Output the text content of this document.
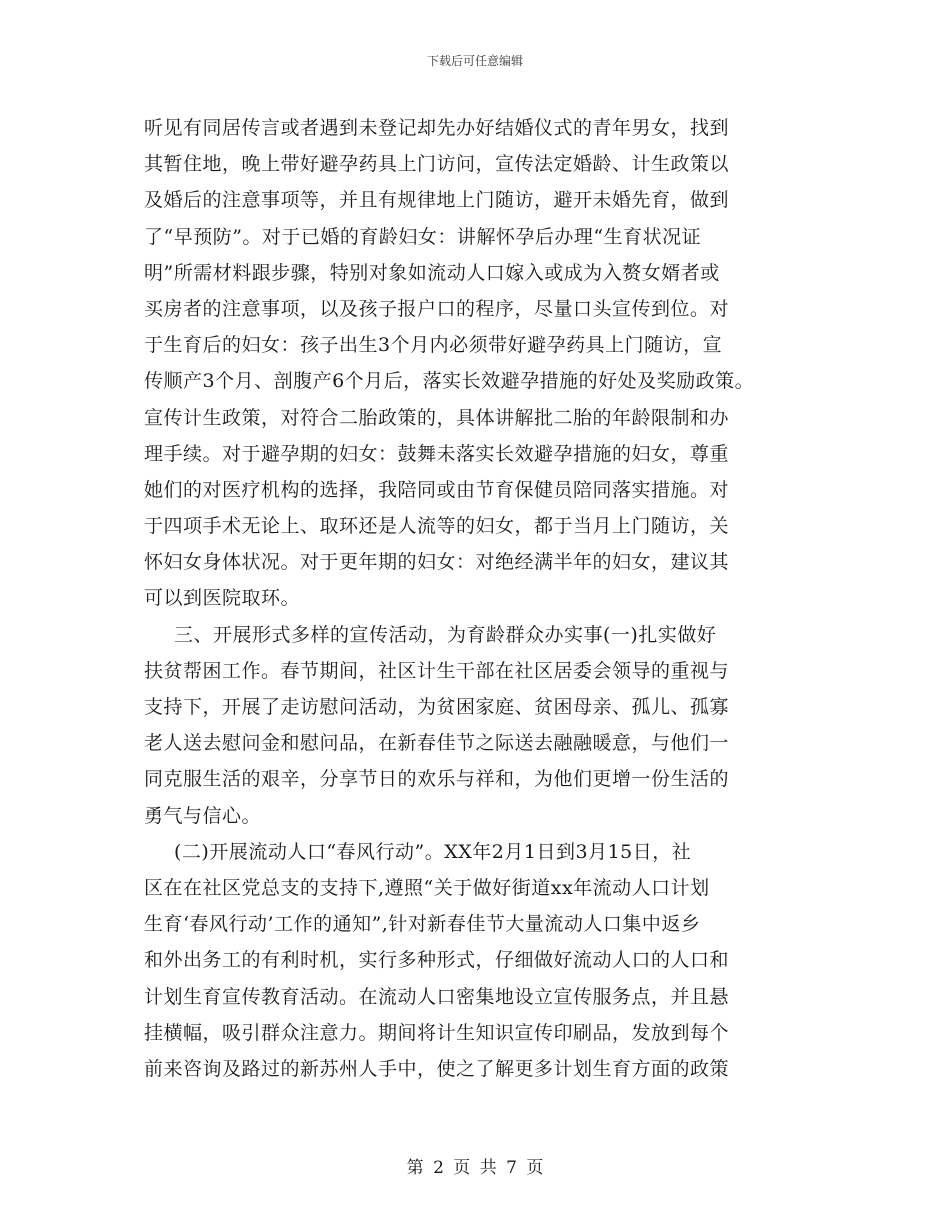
下载后可任意编辑
听见有同居传言或者遇到未登记却先办好结婚仪式的青年男女，找到
其暂住地，晚上带好避孕药具上门访问，宣传法定婚龄、计生政策以
及婚后的注意事项等，并且有规律地上门随访，避开未婚先育，做到
了“早预防”。对于已婚的育龄妇女：讲解怀孕后办理“生育状况证
明”所需材料跟步骤，特别对象如流动人口嫁入或成为入赘女婿者或
买房者的注意事项，以及孩子报户口的程序，尽量口头宣传到位。对
于生育后的妇女：孩子出生3个月内必须带好避孕药具上门随访，宣
传顺产3个月、剖腹产6个月后，落实长效避孕措施的好处及奖励政策。
宣传计生政策，对符合二胎政策的，具体讲解批二胎的年龄限制和办
理手续。对于避孕期的妇女：鼓舞未落实长效避孕措施的妇女，尊重
她们的对医疗机构的选择，我陪同或由节育保健员陪同落实措施。对
于四项手术无论上、取环还是人流等的妇女，都于当月上门随访，关
怀妇女身体状况。对于更年期的妇女：对绝经满半年的妇女，建议其
可以到医院取环。
三、开展形式多样的宣传活动，为育龄群众办实事(一)扎实做好
扶贫帮困工作。春节期间，社区计生干部在社区居委会领导的重视与
支持下，开展了走访慰问活动，为贫困家庭、贫困母亲、孤儿、孤寡
老人送去慰问金和慰问品，在新春佳节之际送去融融暖意，与他们一
同克服生活的艰辛，分享节日的欢乐与祥和，为他们更增一份生活的
勇气与信心。
(二)开展流动人口“春风行动”。XX年2月1日到3月15日，社
区在在社区党总支的支持下,遵照“关于做好街道xx年流动人口计划
生育‘春风行动’工作的通知”,针对新春佳节大量流动人口集中返乡
和外出务工的有利时机，实行多种形式，仔细做好流动人口的人口和
计划生育宣传教育活动。在流动人口密集地设立宣传服务点，并且悬
挂横幅，吸引群众注意力。期间将计生知识宣传印刷品，发放到每个
前来咨询及路过的新苏州人手中，使之了解更多计划生育方面的政策
第 2 页 共 7 页
